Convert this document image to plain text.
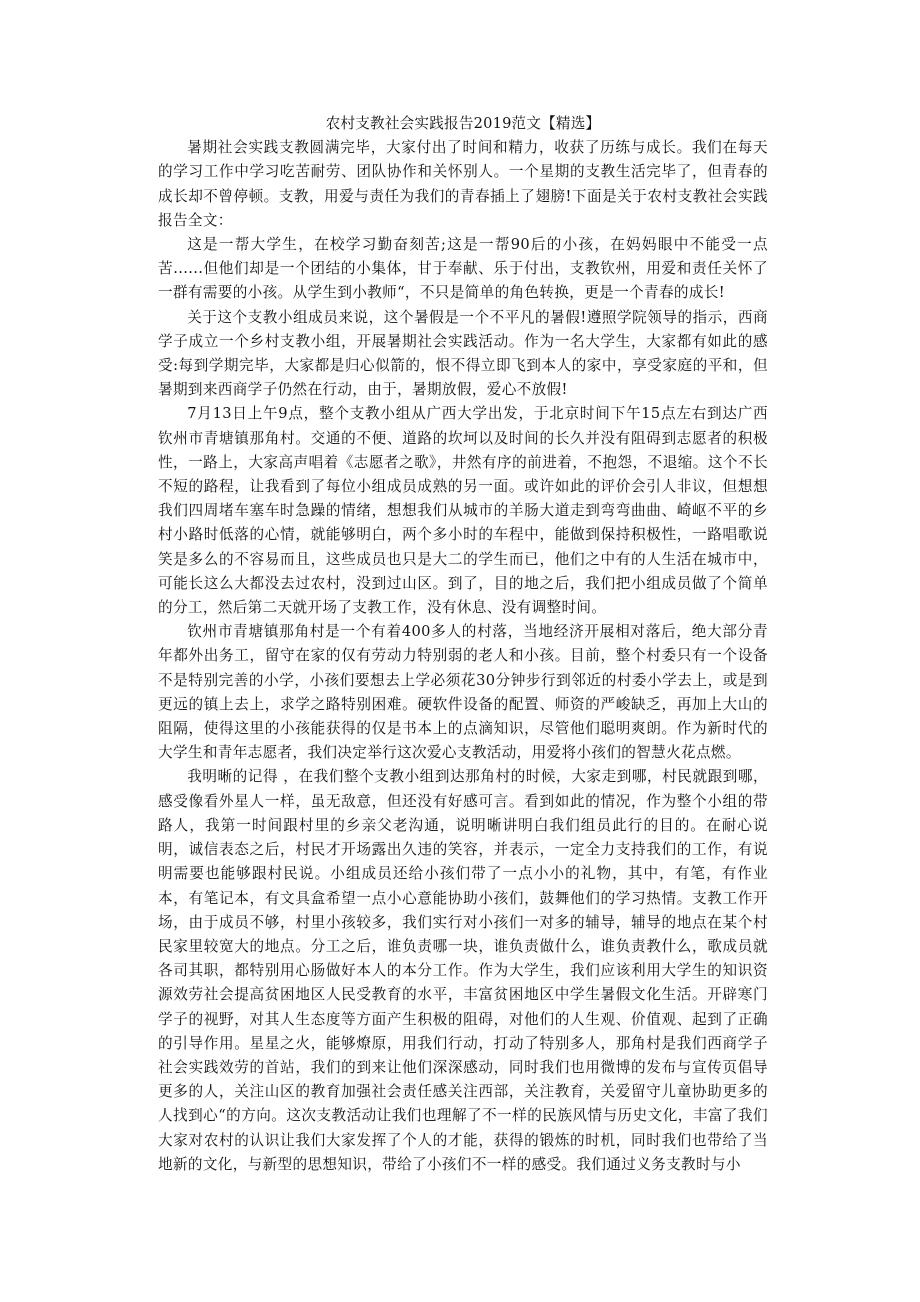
农村支教社会实践报告2019范文【精选】

暑期社会实践支教圆满完毕，大家付出了时间和精力，收获了历练与成长。我们在每天的学习工作中学习吃苦耐劳、团队协作和关怀别人。一个星期的支教生活完毕了，但青春的成长却不曾停顿。支教，用爱与责任为我们的青春插上了翅膀!下面是关于农村支教社会实践报告全文：

这是一帮大学生，在校学习勤奋刻苦;这是一帮90后的小孩，在妈妈眼中不能受一点苦......但他们却是一个团结的小集体，甘于奉献、乐于付出，支教钦州，用爱和责任关怀了一群有需要的小孩。从学生到小教师“，不只是简单的角色转换，更是一个青春的成长!

关于这个支教小组成员来说，这个暑假是一个不平凡的暑假!遵照学院领导的指示，西商学子成立一个乡村支教小组，开展暑期社会实践活动。作为一名大学生，大家都有如此的感受:每到学期完毕，大家都是归心似箭的，恨不得立即飞到本人的家中，享受家庭的平和，但暑期到来西商学子仍然在行动，由于，暑期放假，爱心不放假!

7月13日上午9点，整个支教小组从广西大学出发，于北京时间下午15点左右到达广西钦州市青塘镇那角村。交通的不便、道路的坎坷以及时间的长久并没有阻碍到志愿者的积极性，一路上，大家高声唱着《志愿者之歌》，井然有序的前进着，不抱怨，不退缩。这个不长不短的路程，让我看到了每位小组成员成熟的另一面。或许如此的评价会引人非议，但想想我们四周堵车塞车时急躁的情绪，想想我们从城市的羊肠大道走到弯弯曲曲、崎岖不平的乡村小路时低落的心情，就能够明白，两个多小时的车程中，能做到保持积极性，一路唱歌说笑是多么的不容易而且，这些成员也只是大二的学生而已，他们之中有的人生活在城市中，可能长这么大都没去过农村，没到过山区。到了，目的地之后，我们把小组成员做了个简单的分工，然后第二天就开场了支教工作，没有休息、没有调整时间。

钦州市青塘镇那角村是一个有着400多人的村落，当地经济开展相对落后，绝大部分青年都外出务工，留守在家的仅有劳动力特别弱的老人和小孩。目前，整个村委只有一个设备不是特别完善的小学，小孩们要想去上学必须花30分钟步行到邻近的村委小学去上，或是到更远的镇上去上，求学之路特别困难。硬软件设备的配置、师资的严峻缺乏，再加上大山的阻隔，使得这里的小孩能获得的仅是书本上的点滴知识，尽管他们聪明爽朗。作为新时代的大学生和青年志愿者，我们决定举行这次爱心支教活动，用爱将小孩们的智慧火花点燃。

我明晰的记得 ，在我们整个支教小组到达那角村的时候，大家走到哪，村民就跟到哪，感受像看外星人一样，虽无敌意，但还没有好感可言。看到如此的情况，作为整个小组的带路人，我第一时间跟村里的乡亲父老沟通，说明晰讲明白我们组员此行的目的。在耐心说明，诚信表态之后，村民才开场露出久违的笑容，并表示，一定全力支持我们的工作，有说明需要也能够跟村民说。小组成员还给小孩们带了一点小小的礼物，其中，有笔，有作业本，有笔记本，有文具盒希望一点小心意能协助小孩们，鼓舞他们的学习热情。支教工作开场，由于成员不够，村里小孩较多，我们实行对小孩们一对多的辅导，辅导的地点在某个村民家里较宽大的地点。分工之后，谁负责哪一块，谁负责做什么，谁负责教什么，歌成员就各司其职，都特别用心肠做好本人的本分工作。作为大学生，我们应该利用大学生的知识资源效劳社会提高贫困地区人民受教育的水平，丰富贫困地区中学生暑假文化生活。开辟寒门学子的视野，对其人生态度等方面产生积极的阻碍，对他们的人生观、价值观、起到了正确的引导作用。星星之火，能够燎原，用我们行动，打动了特别多人，那角村是我们西商学子社会实践效劳的首站，我们的到来让他们深深感动，同时我们也用微博的发布与宣传页倡导更多的人，关注山区的教育加强社会责任感关注西部，关注教育，关爱留守儿童协助更多的人找到心“的方向。这次支教活动让我们也理解了不一样的民族风情与历史文化，丰富了我们大家对农村的认识让我们大家发挥了个人的才能，获得的锻炼的时机，同时我们也带给了当地新的文化，与新型的思想知识，带给了小孩们不一样的感受。我们通过义务支教时与小
